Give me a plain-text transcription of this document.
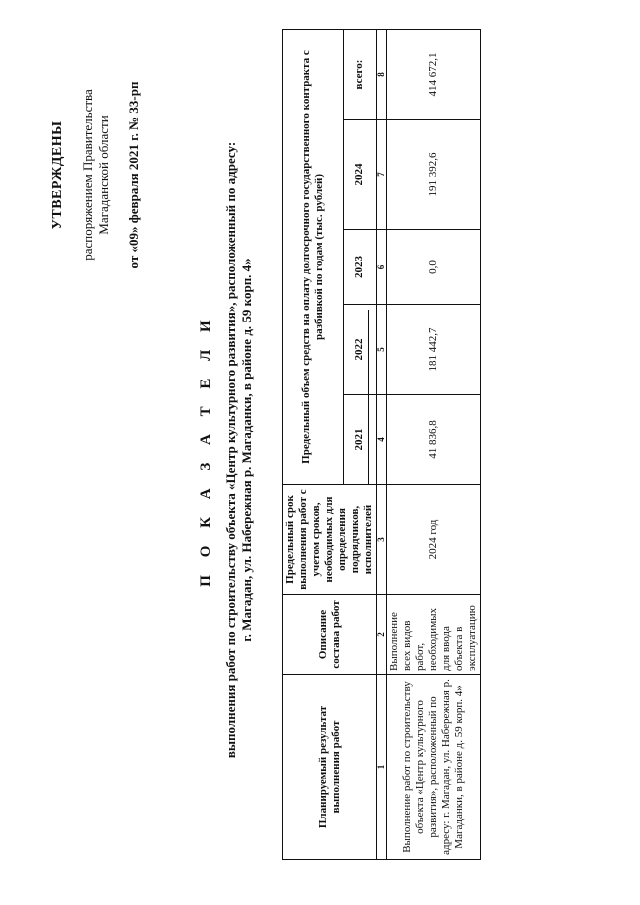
УТВЕРЖДЕНЫ распоряжением Правительства Магаданской области от «09» февраля 2021 г. № 33-рп
П О К А З А Т Е Л И выполнения работ по строительству объекта «Центр культурного развития», расположенный по адресу: г. Магадан, ул. Набережная р. Магаданки, в районе д. 59 корп. 4»
Планируемый результат выполнения работ	Описание состава работ	Предельный срок выполнения работ с учетом сроков, необходимых для определения подрядчиков, исполнителей	Предельный объем средств на оплату долгосрочного государственного контракта с разбивкой по годам (тыс. рублей)				
			2021	2022	2023	2024	всего:
1	2	3	4	5	6	7	8
Выполнение работ по строительству объекта «Центр культурного развития», расположенный по адресу: г. Магадан, ул. Набережная р. Магаданки, в районе д. 59 корп. 4»	Выполнение всех видов работ, необходимых для ввода объекта в эксплуатацию	2024 год	41 836,8	181 442,7	0,0	191 392,6	414 672,1
